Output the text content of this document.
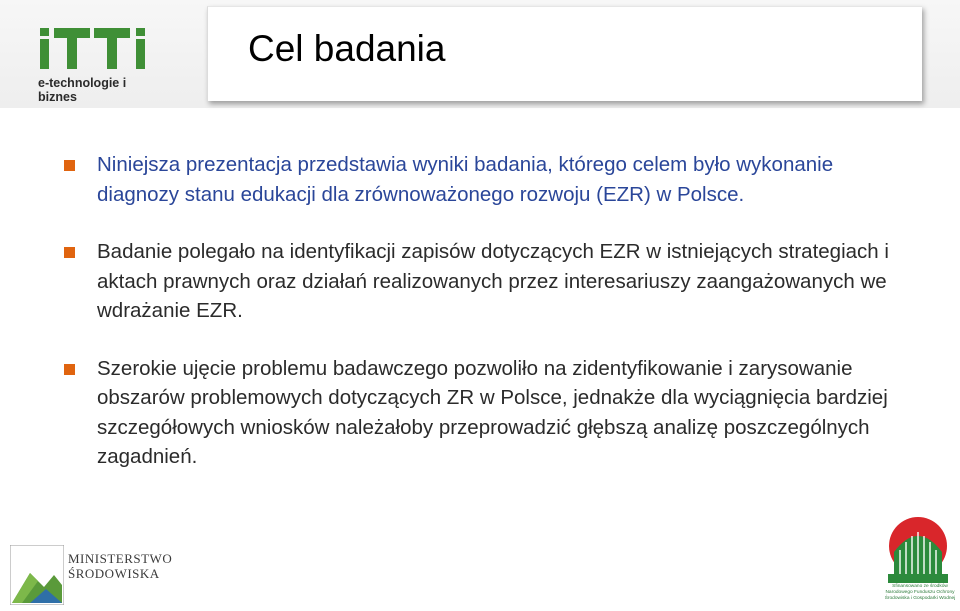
e-technologie i biznes
Cel badania
Niniejsza prezentacja przedstawia wyniki badania, którego celem było wykonanie diagnozy stanu edukacji dla zrównoważonego rozwoju (EZR) w Polsce.
Badanie polegało na identyfikacji zapisów dotyczących EZR w istniejących strategiach i aktach prawnych oraz działań realizowanych przez interesariuszy zaangażowanych we wdrażanie EZR.
Szerokie ujęcie problemu badawczego pozwoliło na zidentyfikowanie i zarysowanie obszarów problemowych dotyczących ZR w Polsce, jednakże dla wyciągnięcia bardziej szczegółowych wniosków należałoby przeprowadzić głębszą analizę poszczególnych zagadnień.
MINISTERSTWO
ŚRODOWISKA
Sfinansowano ze środków Narodowego Funduszu Ochrony Środowiska i Gospodarki Wodnej
